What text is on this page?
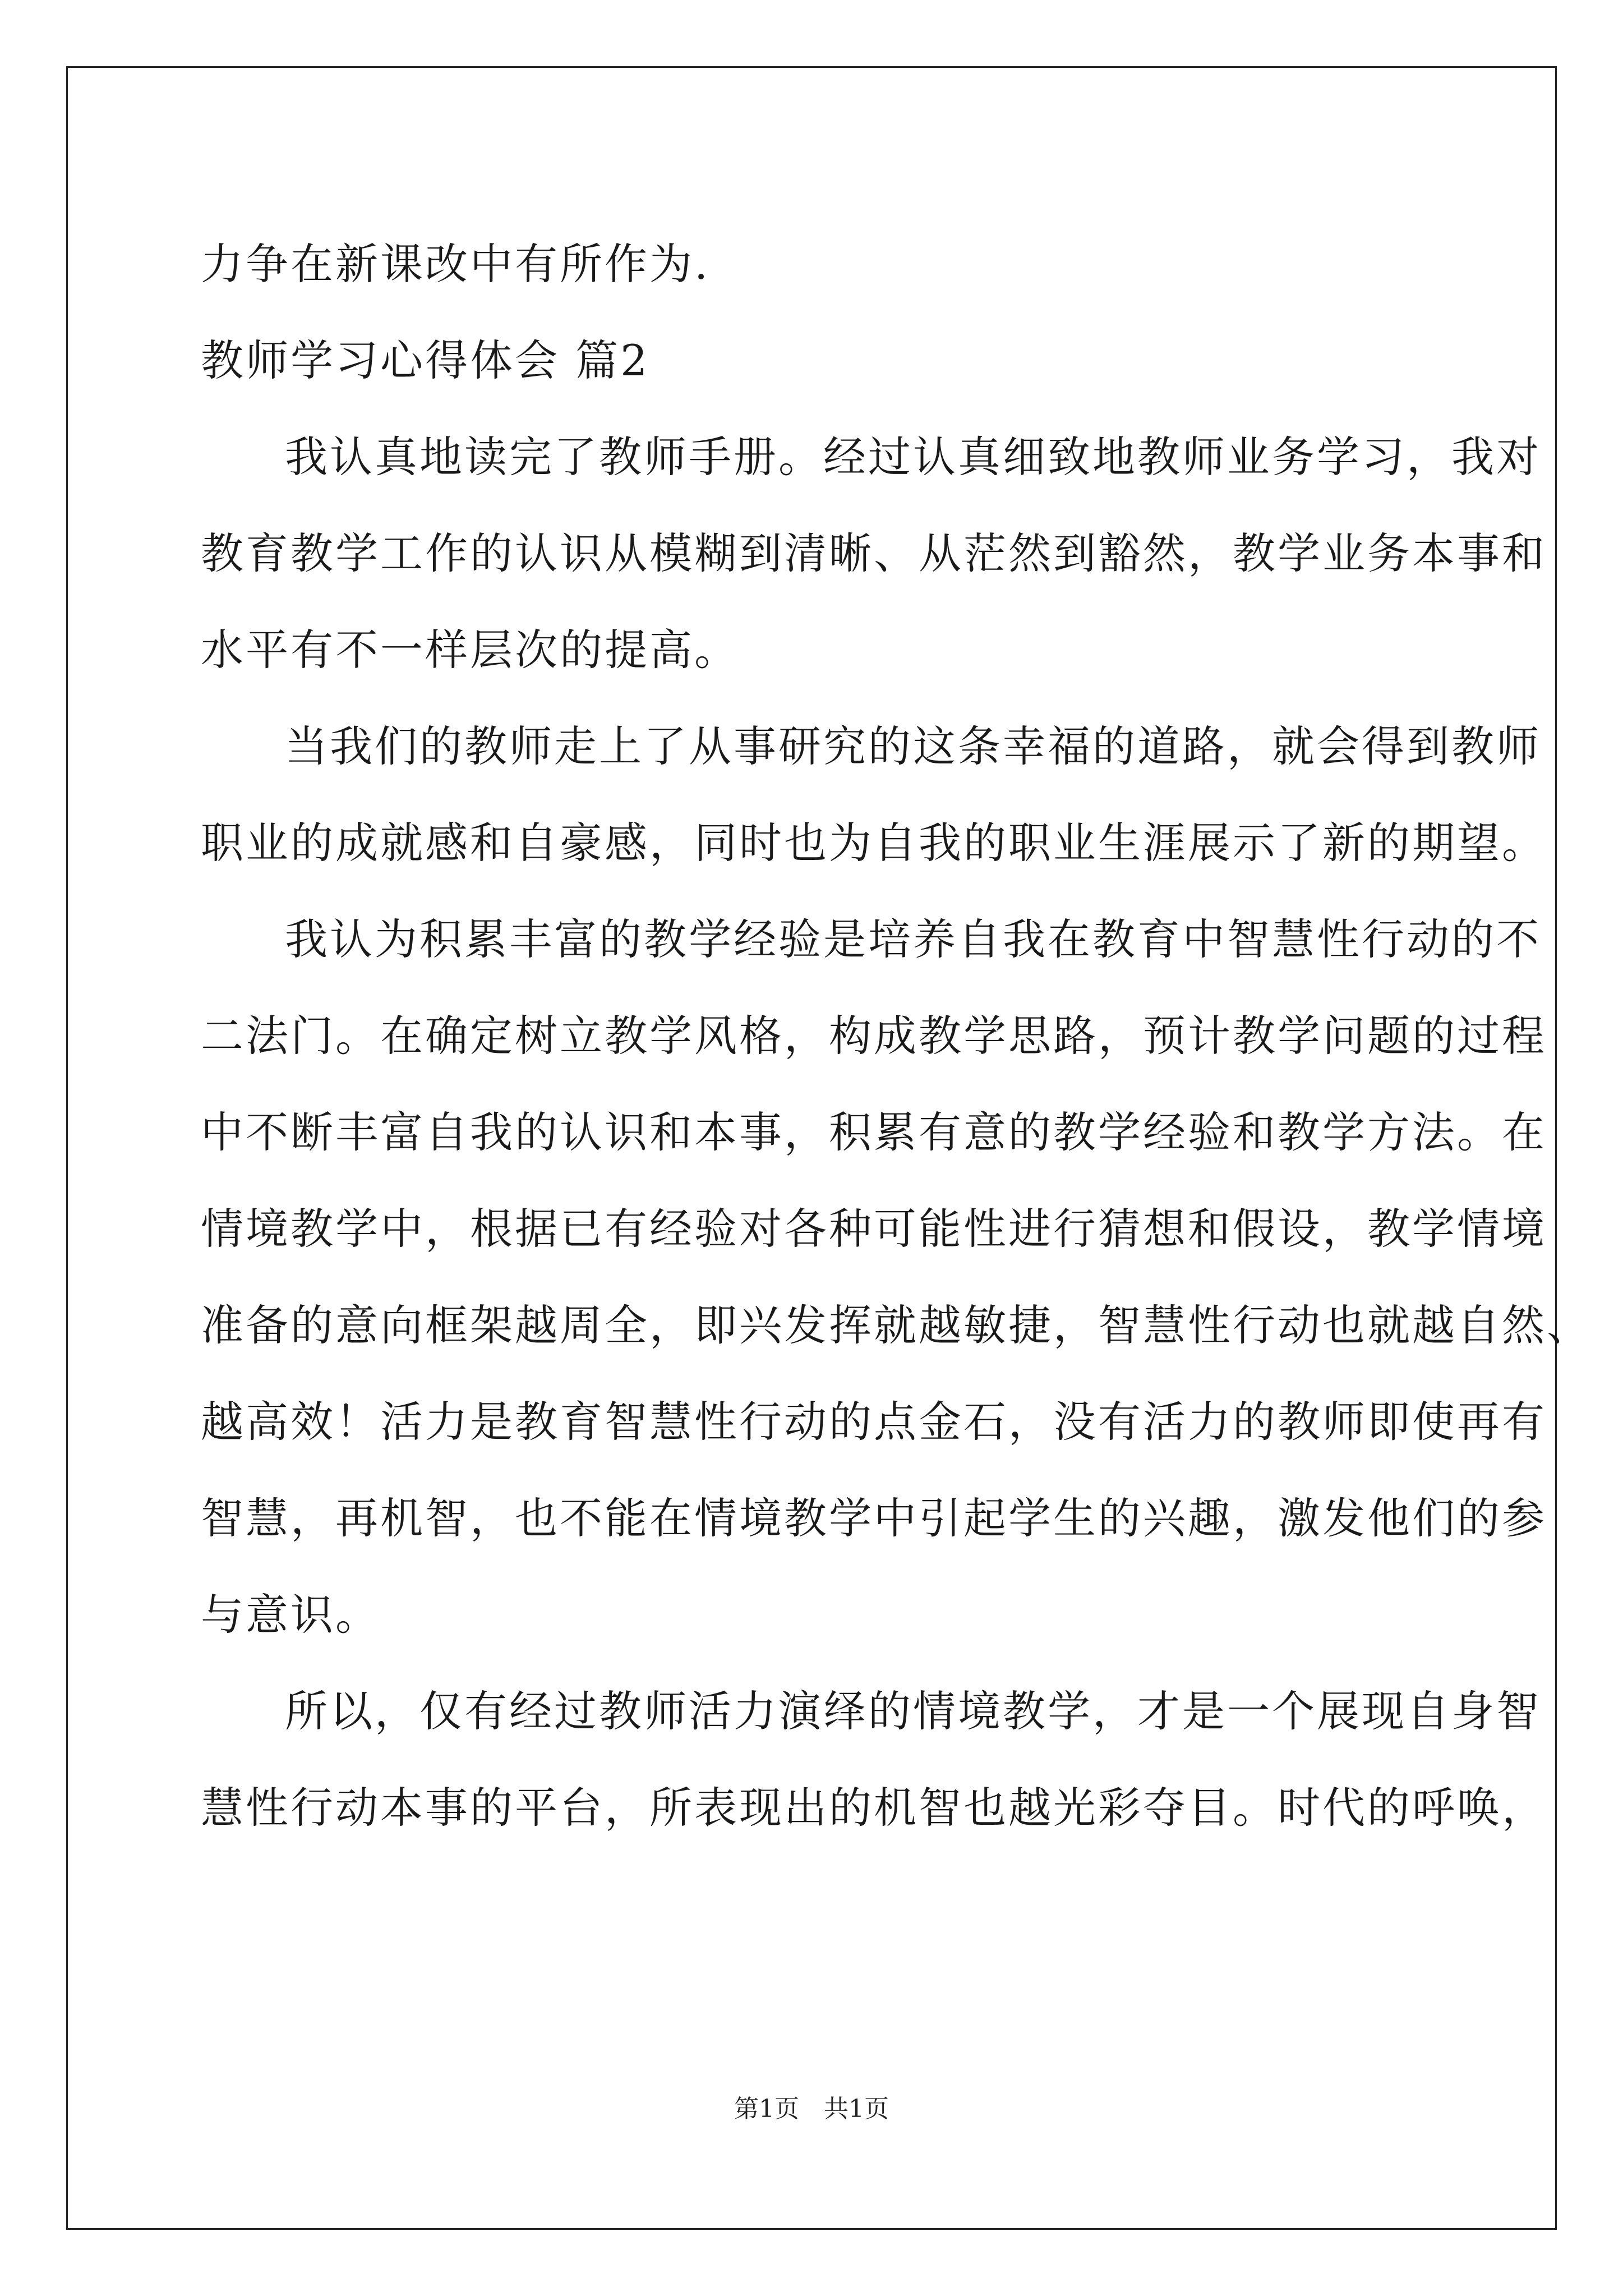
力争在新课改中有所作为.
教师学习心得体会 篇2
我认真地读完了教师手册。经过认真细致地教师业务学习，我对
教育教学工作的认识从模糊到清晰、从茫然到豁然，教学业务本事和
水平有不一样层次的提高。
当我们的教师走上了从事研究的这条幸福的道路，就会得到教师
职业的成就感和自豪感，同时也为自我的职业生涯展示了新的期望。
我认为积累丰富的教学经验是培养自我在教育中智慧性行动的不
二法门。在确定树立教学风格，构成教学思路，预计教学问题的过程
中不断丰富自我的认识和本事，积累有意的教学经验和教学方法。在
情境教学中，根据已有经验对各种可能性进行猜想和假设，教学情境
准备的意向框架越周全，即兴发挥就越敏捷，智慧性行动也就越自然、
越高效！活力是教育智慧性行动的点金石，没有活力的教师即使再有
智慧，再机智，也不能在情境教学中引起学生的兴趣，激发他们的参
与意识。
所以，仅有经过教师活力演绎的情境教学，才是一个展现自身智
慧性行动本事的平台，所表现出的机智也越光彩夺目。时代的呼唤，
第1页　共1页
